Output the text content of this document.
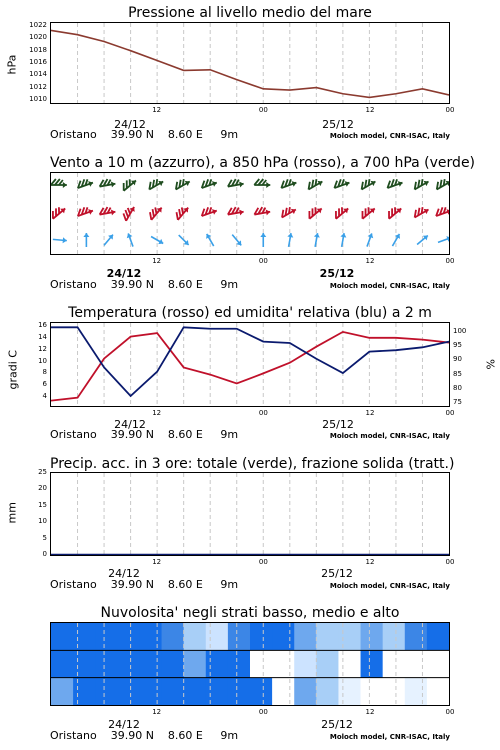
Pressione al livello medio del mare
hPa
1010
1012
1014
1016
1018
1020
1022
12	00	12	00
24/12	25/12
Oristano    39.90 N    8.60 E     9m	Moloch model, CNR-ISAC, Italy
Vento a 10 m (azzurro), a 850 hPa (rosso), a 700 hPa (verde)
12	00	12	00
24/12	25/12
Oristano    39.90 N    8.60 E     9m	Moloch model, CNR-ISAC, Italy
Temperatura (rosso) ed umidita' relativa (blu) a 2 m
gradi C	%
4
6
8
10
12
14
16
75
80
85
90
95
100
12	00	12	00
24/12	25/12
Oristano    39.90 N    8.60 E     9m	Moloch model, CNR-ISAC, Italy
Precip. acc. in 3 ore: totale (verde), frazione solida (tratt.)
mm
0
5
10
15
20
25
12	00	12	00
24/12	25/12
Oristano    39.90 N    8.60 E     9m	Moloch model, CNR-ISAC, Italy
Nuvolosita' negli strati basso, medio e alto
12	00	12	00
24/12	25/12
Oristano    39.90 N    8.60 E     9m	Moloch model, CNR-ISAC, Italy
